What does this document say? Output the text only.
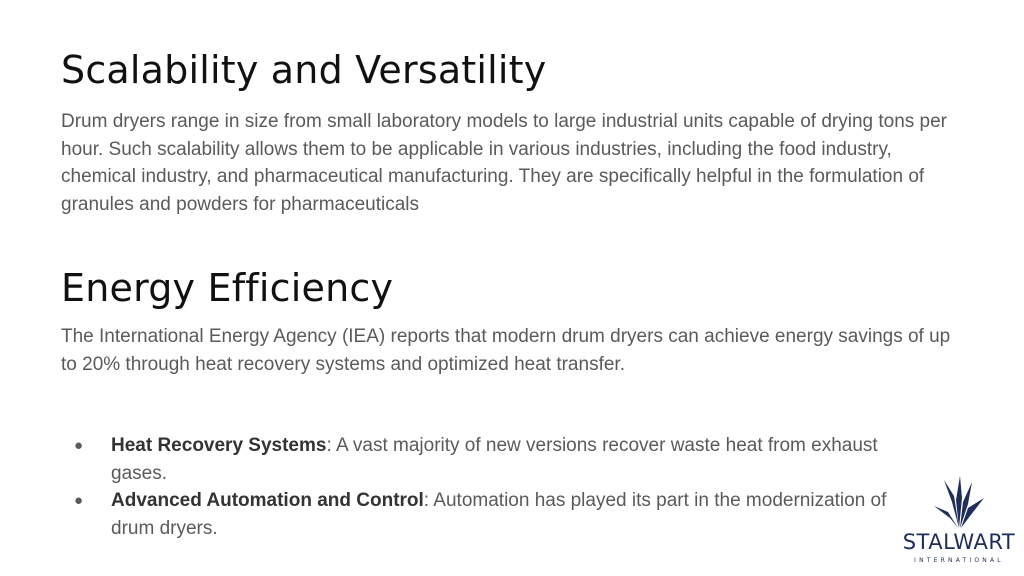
Scalability and Versatility

Drum dryers range in size from small laboratory models to large industrial units capable of drying tons per hour. Such scalability allows them to be applicable in various industries, including the food industry, chemical industry, and pharmaceutical manufacturing. They are specifically helpful in the formulation of granules and powders for pharmaceuticals

Energy Efficiency

The International Energy Agency (IEA) reports that modern drum dryers can achieve energy savings of up to 20% through heat recovery systems and optimized heat transfer.

● Heat Recovery Systems: A vast majority of new versions recover waste heat from exhaust gases.
● Advanced Automation and Control: Automation has played its part in the modernization of drum dryers.
STALWART
INTERNATIONAL
